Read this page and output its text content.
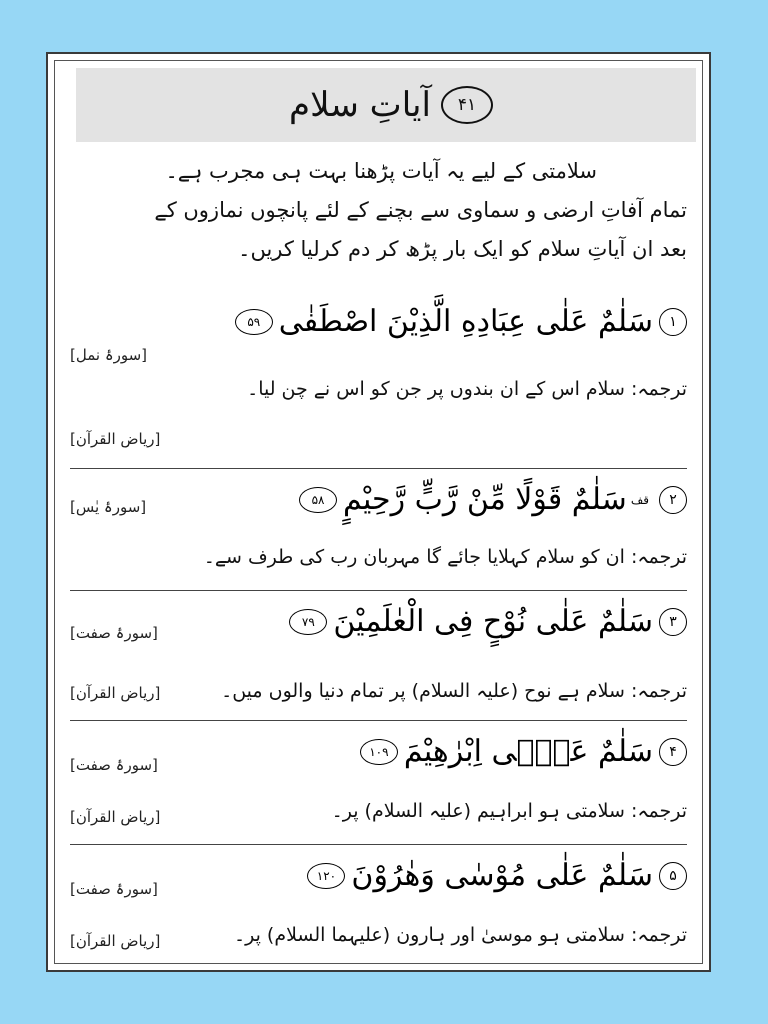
۴۱
آیاتِ سلام

سلامتی کے لیے یہ آیات پڑھنا بہت ہی مجرب ہے۔

تمام آفاتِ ارضی و سماوی سے بچنے کے لئے پانچوں نمازوں کے

بعد ان آیاتِ سلام کو ایک بار پڑھ کر دم کرلیا کریں۔

۱
سَلٰمٌ عَلٰی عِبَادِهِ الَّذِیْنَ اصْطَفٰی
۵۹
[سورۂ نمل]
ترجمہ: سلام اس کے ان بندوں پر جن کو اس نے چن لیا۔
[ریاض القرآن]
۲
قف
سَلٰمٌ قَوْلًا مِّنْ رَّبٍّ رَّحِیْمٍ
۵۸
[سورۂ یٰس]
ترجمہ: ان کو سلام کہلایا جائے گا مہربان رب کی طرف سے۔
۳
سَلٰمٌ عَلٰی نُوْحٍ فِی الْعٰلَمِیْنَ
۷۹
[سورۂ صفت]
ترجمہ: سلام ہے نوح (علیہ السلام) پر تمام دنیا والوں میں۔
[ریاض القرآن]
۴
سَلٰمٌ عَلٰۤی اِبْرٰهِیْمَ
۱۰۹
[سورۂ صفت]
ترجمہ: سلامتی ہو ابراہیم (علیہ السلام) پر۔
[ریاض القرآن]
۵
سَلٰمٌ عَلٰی مُوْسٰی وَهٰرُوْنَ
۱۲۰
[سورۂ صفت]
ترجمہ: سلامتی ہو موسیٰ اور ہارون (علیہما السلام) پر۔
[ریاض القرآن]
